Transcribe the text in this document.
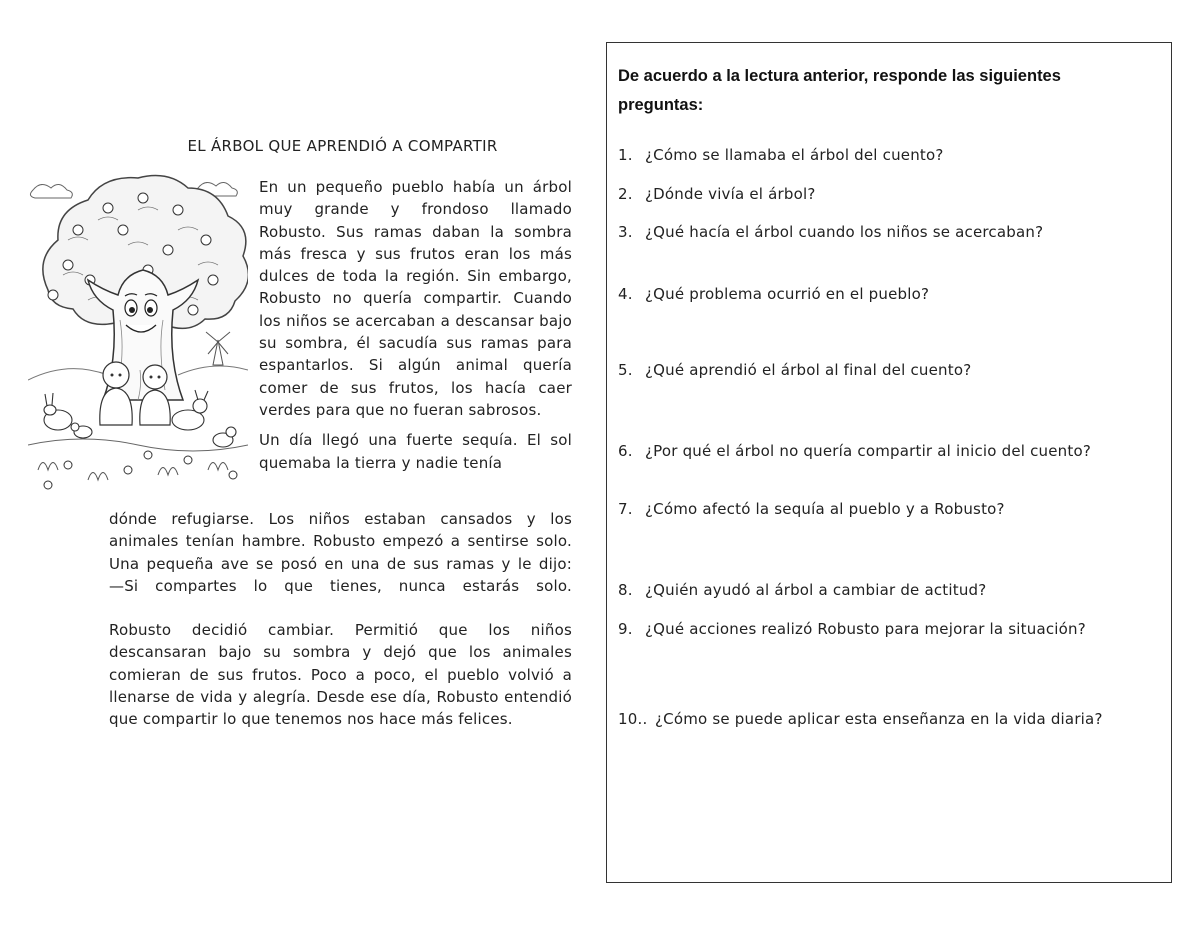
EL ÁRBOL QUE APRENDIÓ A COMPARTIR

En un pequeño pueblo había un árbol muy grande y frondoso llamado Robusto. Sus ramas daban la sombra más fresca y sus frutos eran los más dulces de toda la región. Sin embargo, Robusto no quería compartir. Cuando los niños se acercaban a descansar bajo su sombra, él sacudía sus ramas para espantarlos. Si algún animal quería comer de sus frutos, los hacía caer verdes para que no fueran sabrosos.

Un día llegó una fuerte sequía. El sol quemaba la tierra y nadie tenía

dónde refugiarse. Los niños estaban cansados y los animales tenían hambre. Robusto empezó a sentirse solo. Una pequeña ave se posó en una de sus ramas y le dijo:

—Si compartes lo que tienes, nunca estarás solo.

Robusto decidió cambiar. Permitió que los niños descansaran bajo su sombra y dejó que los animales comieran de sus frutos. Poco a poco, el pueblo volvió a llenarse de vida y alegría. Desde ese día, Robusto entendió que compartir lo que tenemos nos hace más felices.

De acuerdo a la lectura anterior, responde las siguientes preguntas:
1. ¿Cómo se llamaba el árbol del cuento?
2. ¿Dónde vivía el árbol?
3. ¿Qué hacía el árbol cuando los niños se acercaban?
4. ¿Qué problema ocurrió en el pueblo?
5. ¿Qué aprendió el árbol al final del cuento?
6. ¿Por qué el árbol no quería compartir al inicio del cuento?
7. ¿Cómo afectó la sequía al pueblo y a Robusto?
8. ¿Quién ayudó al árbol a cambiar de actitud?
9. ¿Qué acciones realizó Robusto para mejorar la situación?
10.. ¿Cómo se puede aplicar esta enseñanza en la vida diaria?
